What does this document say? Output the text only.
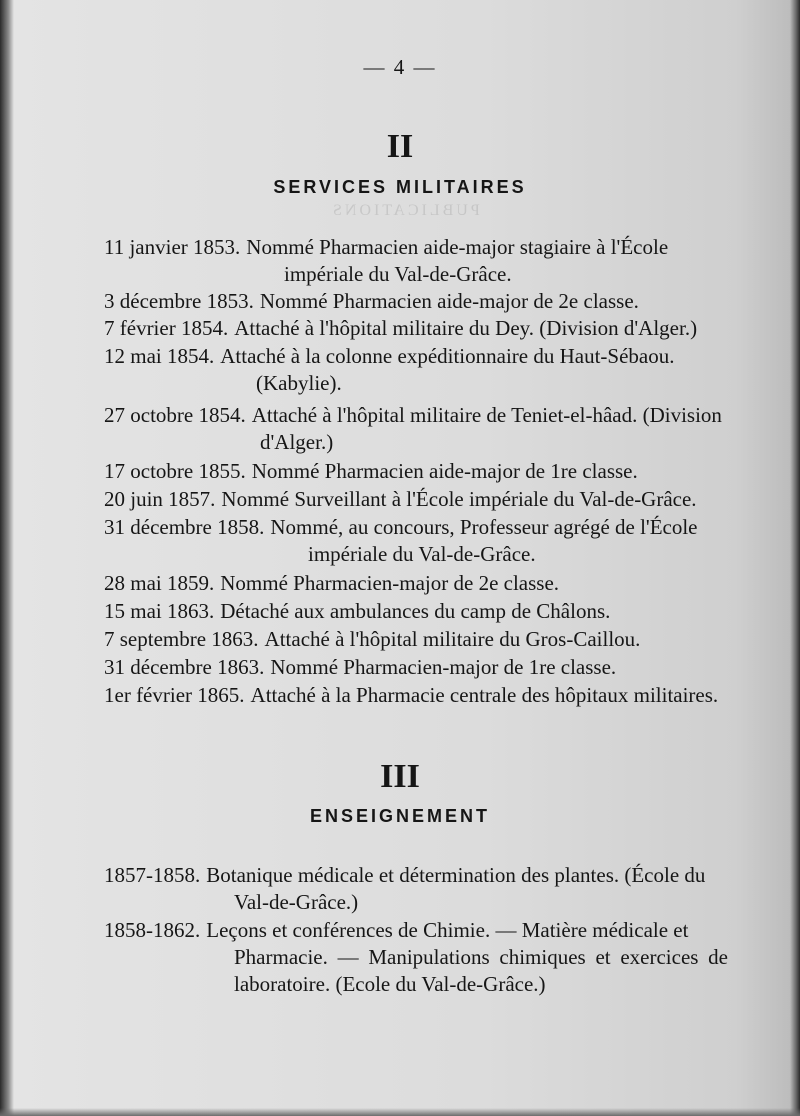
PUBLICATIONS
— 4 —
II
SERVICES MILITAIRES
11 janvier 1853. Nommé Pharmacien aide-major stagiaire à l'École
impériale du Val-de-Grâce.
3 décembre 1853. Nommé Pharmacien aide-major de 2e classe.
7 février 1854. Attaché à l'hôpital militaire du Dey. (Division d'Alger.)
12 mai 1854. Attaché à la colonne expéditionnaire du Haut-Sébaou.
(Kabylie).
27 octobre 1854. Attaché à l'hôpital militaire de Teniet-el-hâad. (Division
d'Alger.)
17 octobre 1855. Nommé Pharmacien aide-major de 1re classe.
20 juin 1857. Nommé Surveillant à l'École impériale du Val-de-Grâce.
31 décembre 1858. Nommé, au concours, Professeur agrégé de l'École
impériale du Val-de-Grâce.
28 mai 1859. Nommé Pharmacien-major de 2e classe.
15 mai 1863. Détaché aux ambulances du camp de Châlons.
7 septembre 1863. Attaché à l'hôpital militaire du Gros-Caillou.
31 décembre 1863. Nommé Pharmacien-major de 1re classe.
1er février 1865. Attaché à la Pharmacie centrale des hôpitaux militaires.
III
ENSEIGNEMENT
1857-1858. Botanique médicale et détermination des plantes. (École du
Val-de-Grâce.)
1858-1862. Leçons et conférences de Chimie. — Matière médicale et
Pharmacie. — Manipulations chimiques et exercices de laboratoire. (Ecole du Val-de-Grâce.)
